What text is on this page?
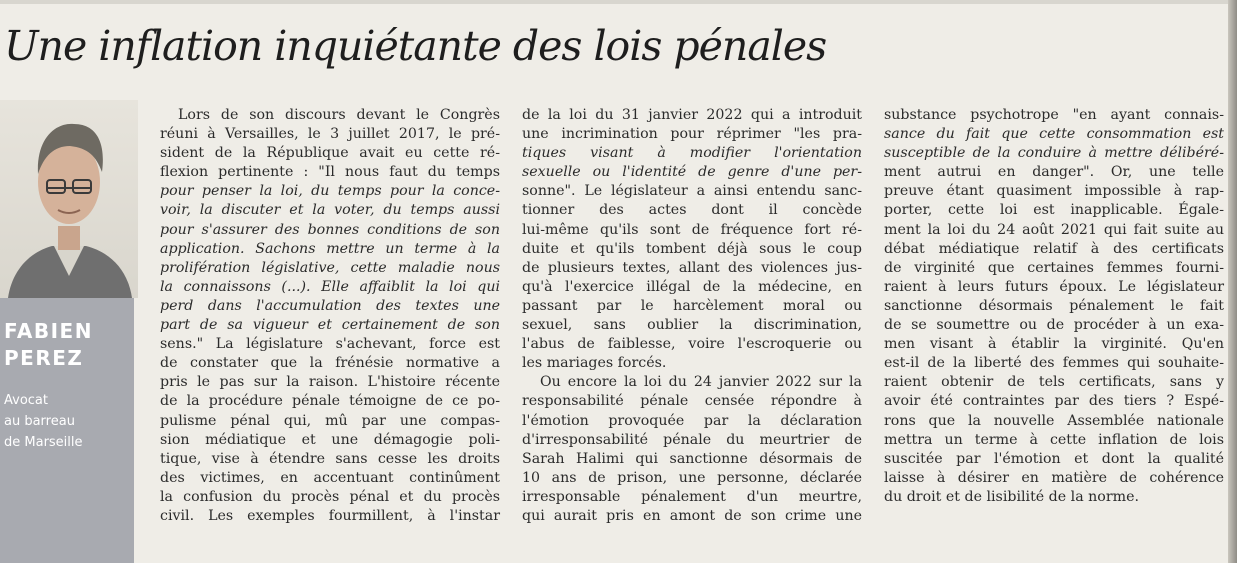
Une inflation inquiétante des lois pénales
FABIEN
PEREZ
Avocat
au barreau
de Marseille
Lors de son discours devant le Congrès
réuni à Versailles, le 3 juillet 2017, le pré-
sident de la République avait eu cette ré-
flexion pertinente : "Il nous faut du temps
pour penser la loi, du temps pour la conce-
voir, la discuter et la voter, du temps aussi
pour s'assurer des bonnes conditions de son
application. Sachons mettre un terme à la
prolifération législative, cette maladie nous
la connaissons (...). Elle affaiblit la loi qui
perd dans l'accumulation des textes une
part de sa vigueur et certainement de son
sens." La législature s'achevant, force est
de constater que la frénésie normative a
pris le pas sur la raison. L'histoire récente
de la procédure pénale témoigne de ce po-
pulisme pénal qui, mû par une compas-
sion médiatique et une démagogie poli-
tique, vise à étendre sans cesse les droits
des victimes, en accentuant continûment
la confusion du procès pénal et du procès
civil. Les exemples fourmillent, à l'instar
de la loi du 31 janvier 2022 qui a introduit
une incrimination pour réprimer "les pra-
tiques visant à modifier l'orientation
sexuelle ou l'identité de genre d'une per-
sonne". Le législateur a ainsi entendu sanc-
tionner des actes dont il concède
lui-même qu'ils sont de fréquence fort ré-
duite et qu'ils tombent déjà sous le coup
de plusieurs textes, allant des violences jus-
qu'à l'exercice illégal de la médecine, en
passant par le harcèlement moral ou
sexuel, sans oublier la discrimination,
l'abus de faiblesse, voire l'escroquerie ou
les mariages forcés.
Ou encore la loi du 24 janvier 2022 sur la
responsabilité pénale censée répondre à
l'émotion provoquée par la déclaration
d'irresponsabilité pénale du meurtrier de
Sarah Halimi qui sanctionne désormais de
10 ans de prison, une personne, déclarée
irresponsable pénalement d'un meurtre,
qui aurait pris en amont de son crime une
substance psychotrope "en ayant connais-
sance du fait que cette consommation est
susceptible de la conduire à mettre délibéré-
ment autrui en danger". Or, une telle
preuve étant quasiment impossible à rap-
porter, cette loi est inapplicable. Égale-
ment la loi du 24 août 2021 qui fait suite au
débat médiatique relatif à des certificats
de virginité que certaines femmes fourni-
raient à leurs futurs époux. Le législateur
sanctionne désormais pénalement le fait
de se soumettre ou de procéder à un exa-
men visant à établir la virginité. Qu'en
est-il de la liberté des femmes qui souhaite-
raient obtenir de tels certificats, sans y
avoir été contraintes par des tiers ? Espé-
rons que la nouvelle Assemblée nationale
mettra un terme à cette inflation de lois
suscitée par l'émotion et dont la qualité
laisse à désirer en matière de cohérence
du droit et de lisibilité de la norme.
